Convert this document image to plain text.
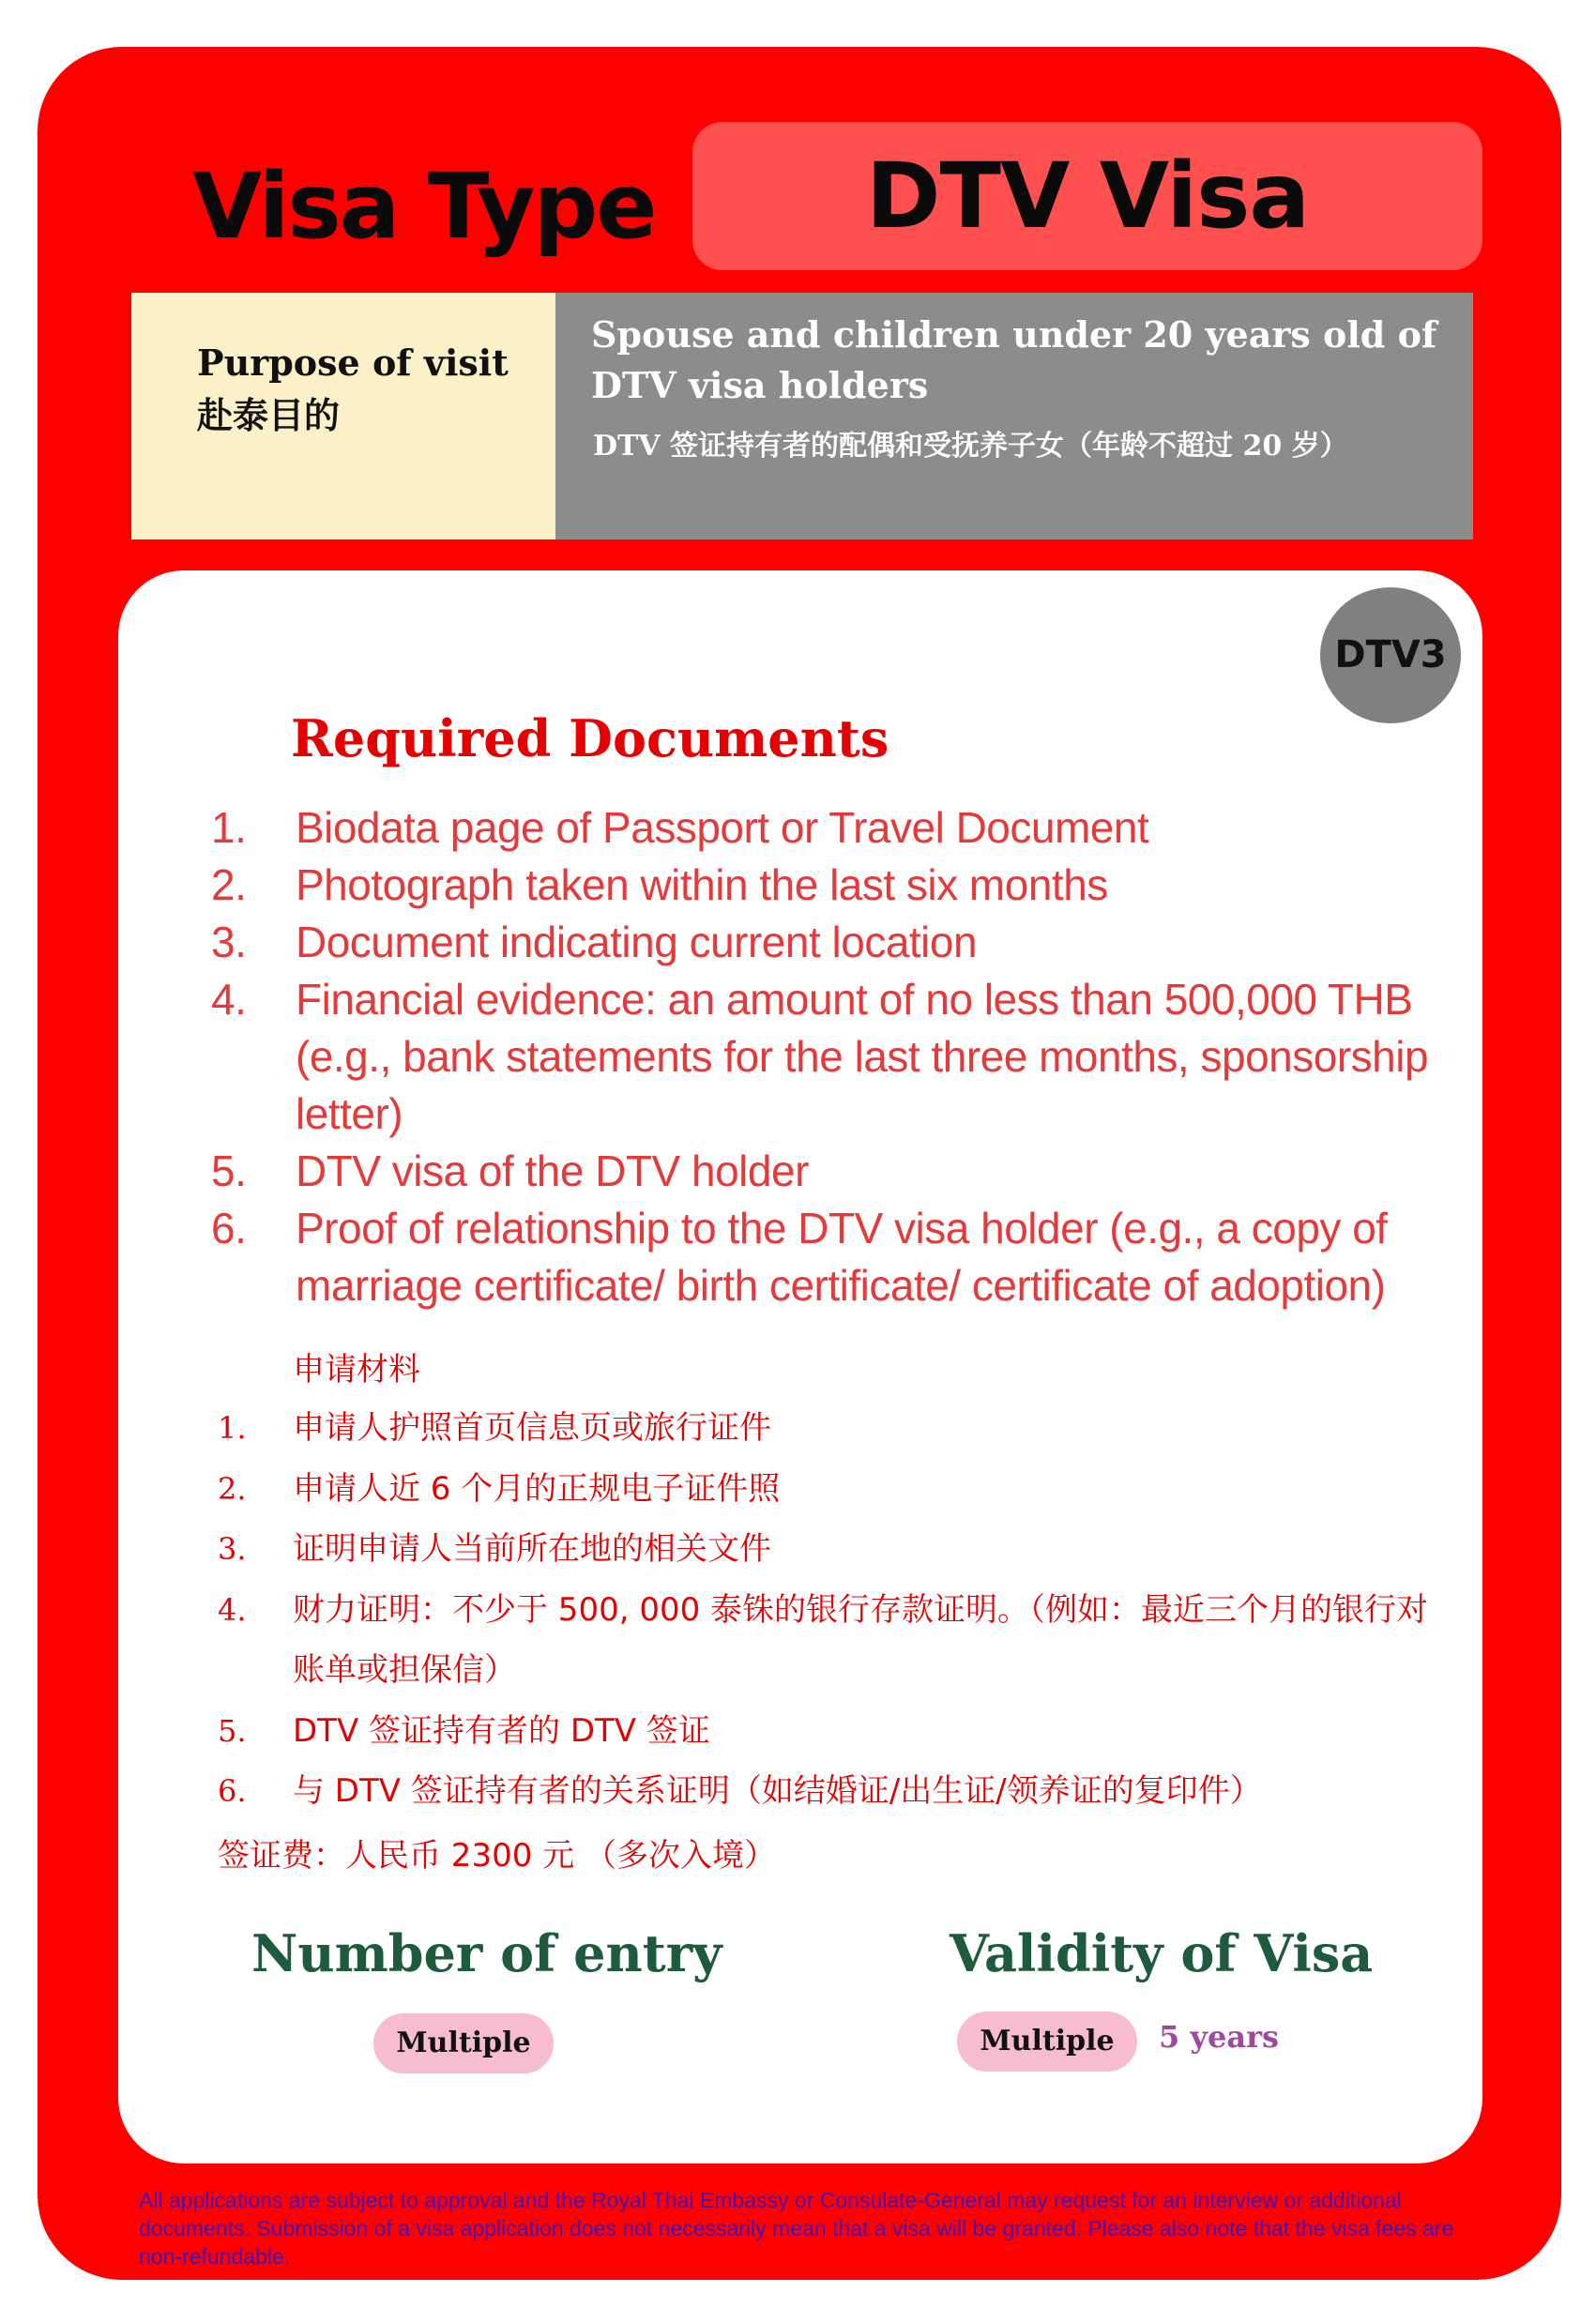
Visa Type	DTV Visa
Purpose of visit
赴泰目的
Spouse and children under 20 years old of DTV visa holders
DTV 签证持有者的配偶和受抚养子女（年龄不超过 20 岁）
DTV3
Required Documents
1.	Biodata page of Passport or Travel Document
2.	Photograph taken within the last six months
3.	Document indicating current location
4.	Financial evidence: an amount of no less than 500,000 THB (e.g., bank statements for the last three months, sponsorship letter)
5.	DTV visa of the DTV holder
6.	Proof of relationship to the DTV visa holder (e.g., a copy of marriage certificate/ birth certificate/ certificate of adoption)
申请材料
1.	申请人护照首页信息页或旅行证件
2.	申请人近 6 个月的正规电子证件照
3.	证明申请人当前所在地的相关文件
4.	财力证明：不少于 500, 000 泰铢的银行存款证明。（例如：最近三个月的银行对账单或担保信）
5.	DTV 签证持有者的 DTV 签证
6.	与 DTV 签证持有者的关系证明（如结婚证/出生证/领养证的复印件）
签证费：人民币 2300 元 （多次入境）
Number of entry
Multiple
Validity of Visa
Multiple	5 years
All applications are subject to approval and the Royal Thai Embassy or Consulate-General may request for an interview or additional documents. Submission of a visa application does not necessarily mean that a visa will be granted. Please also note that the visa fees are non-refundable.
